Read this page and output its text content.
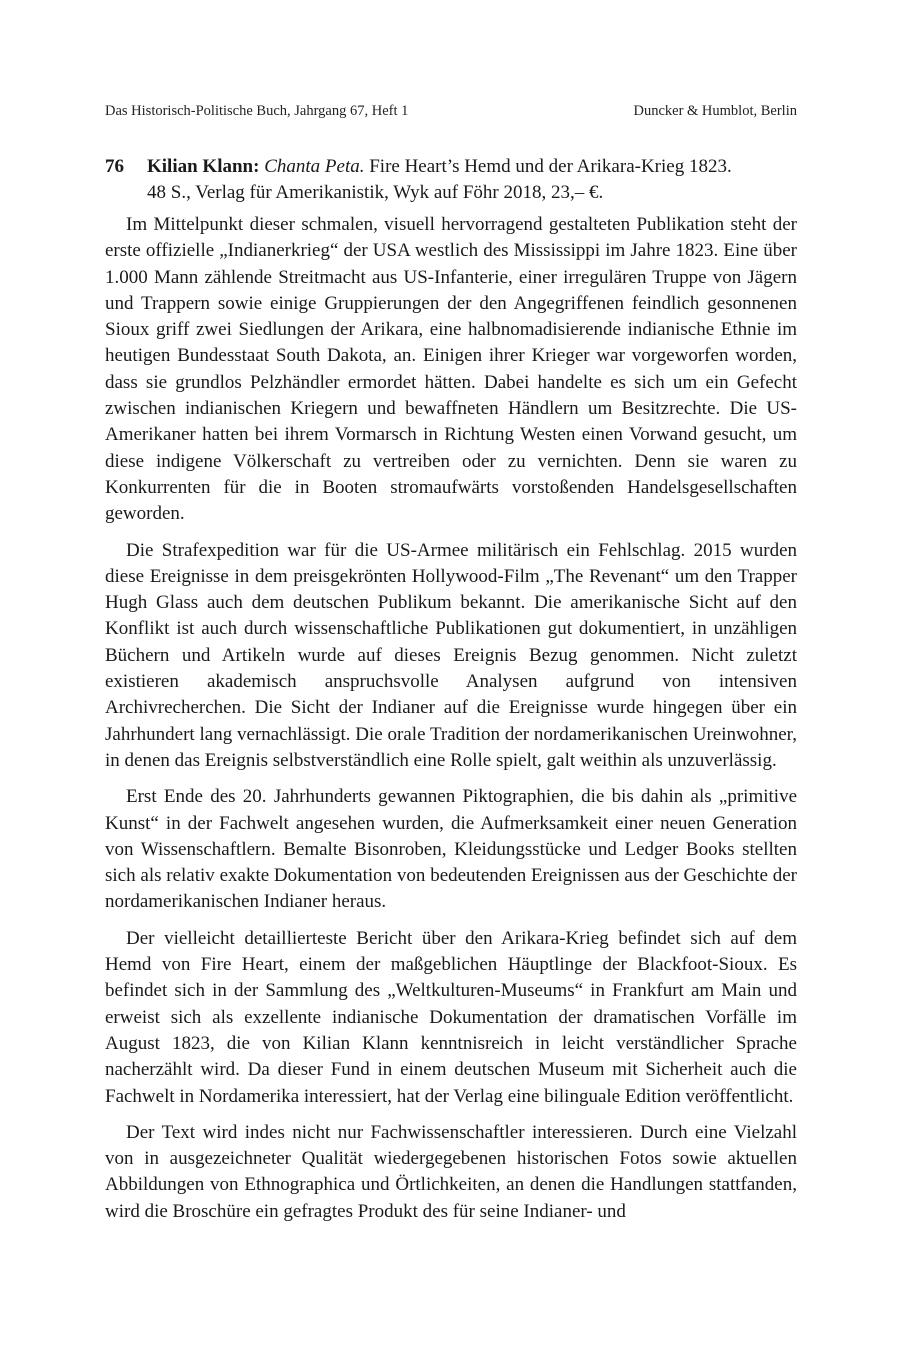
Das Historisch-Politische Buch, Jahrgang 67, Heft 1	Duncker & Humblot, Berlin
76	Kilian Klann: Chanta Peta. Fire Heart’s Hemd und der Arikara-Krieg 1823.
48 S., Verlag für Amerikanistik, Wyk auf Föhr 2018, 23,– €.

Im Mittelpunkt dieser schmalen, visuell hervorragend gestalteten Publikation steht der erste offizielle „Indianerkrieg“ der USA westlich des Mississippi im Jahre 1823. Eine über 1.000 Mann zählende Streitmacht aus US-Infanterie, einer irregulären Truppe von Jägern und Trappern sowie einige Gruppierungen der den Angegriffenen feindlich gesonnenen Sioux griff zwei Siedlungen der Arikara, eine halbnomadisierende indianische Ethnie im heutigen Bundesstaat South Dakota, an. Einigen ihrer Krieger war vorgeworfen worden, dass sie grundlos Pelzhändler ermordet hätten. Dabei handelte es sich um ein Gefecht zwischen indianischen Kriegern und bewaffneten Händlern um Besitzrechte. Die US-Amerikaner hatten bei ihrem Vormarsch in Richtung Westen einen Vorwand gesucht, um diese indigene Völkerschaft zu vertreiben oder zu vernichten. Denn sie waren zu Konkurrenten für die in Booten stromaufwärts vorstoßenden Handelsgesellschaften geworden.

Die Strafexpedition war für die US-Armee militärisch ein Fehlschlag. 2015 wurden diese Ereignisse in dem preisgekrönten Hollywood-Film „The Revenant“ um den Trapper Hugh Glass auch dem deutschen Publikum bekannt. Die amerikanische Sicht auf den Konflikt ist auch durch wissenschaftliche Publikationen gut dokumentiert, in unzähligen Büchern und Artikeln wurde auf dieses Ereignis Bezug genommen. Nicht zuletzt existieren akademisch anspruchsvolle Analysen aufgrund von intensiven Archivrecherchen. Die Sicht der Indianer auf die Ereignisse wurde hingegen über ein Jahrhundert lang vernachlässigt. Die orale Tradition der nordamerikanischen Ureinwohner, in denen das Ereignis selbstverständlich eine Rolle spielt, galt weithin als unzuverlässig.

Erst Ende des 20. Jahrhunderts gewannen Piktographien, die bis dahin als „primitive Kunst“ in der Fachwelt angesehen wurden, die Aufmerksamkeit einer neuen Generation von Wissenschaftlern. Bemalte Bisonroben, Kleidungsstücke und Ledger Books stellten sich als relativ exakte Dokumentation von bedeutenden Ereignissen aus der Geschichte der nordamerikanischen Indianer heraus.

Der vielleicht detaillierteste Bericht über den Arikara-Krieg befindet sich auf dem Hemd von Fire Heart, einem der maßgeblichen Häuptlinge der Blackfoot-Sioux. Es befindet sich in der Sammlung des „Weltkulturen-Museums“ in Frankfurt am Main und erweist sich als exzellente indianische Dokumentation der dramatischen Vorfälle im August 1823, die von Kilian Klann kenntnisreich in leicht verständlicher Sprache nacherzählt wird. Da dieser Fund in einem deutschen Museum mit Sicherheit auch die Fachwelt in Nordamerika interessiert, hat der Verlag eine bilinguale Edition veröffentlicht.

Der Text wird indes nicht nur Fachwissenschaftler interessieren. Durch eine Vielzahl von in ausgezeichneter Qualität wiedergegebenen historischen Fotos sowie aktuellen Abbildungen von Ethnographica und Örtlichkeiten, an denen die Handlungen stattfanden, wird die Broschüre ein gefragtes Produkt des für seine Indianer- und
